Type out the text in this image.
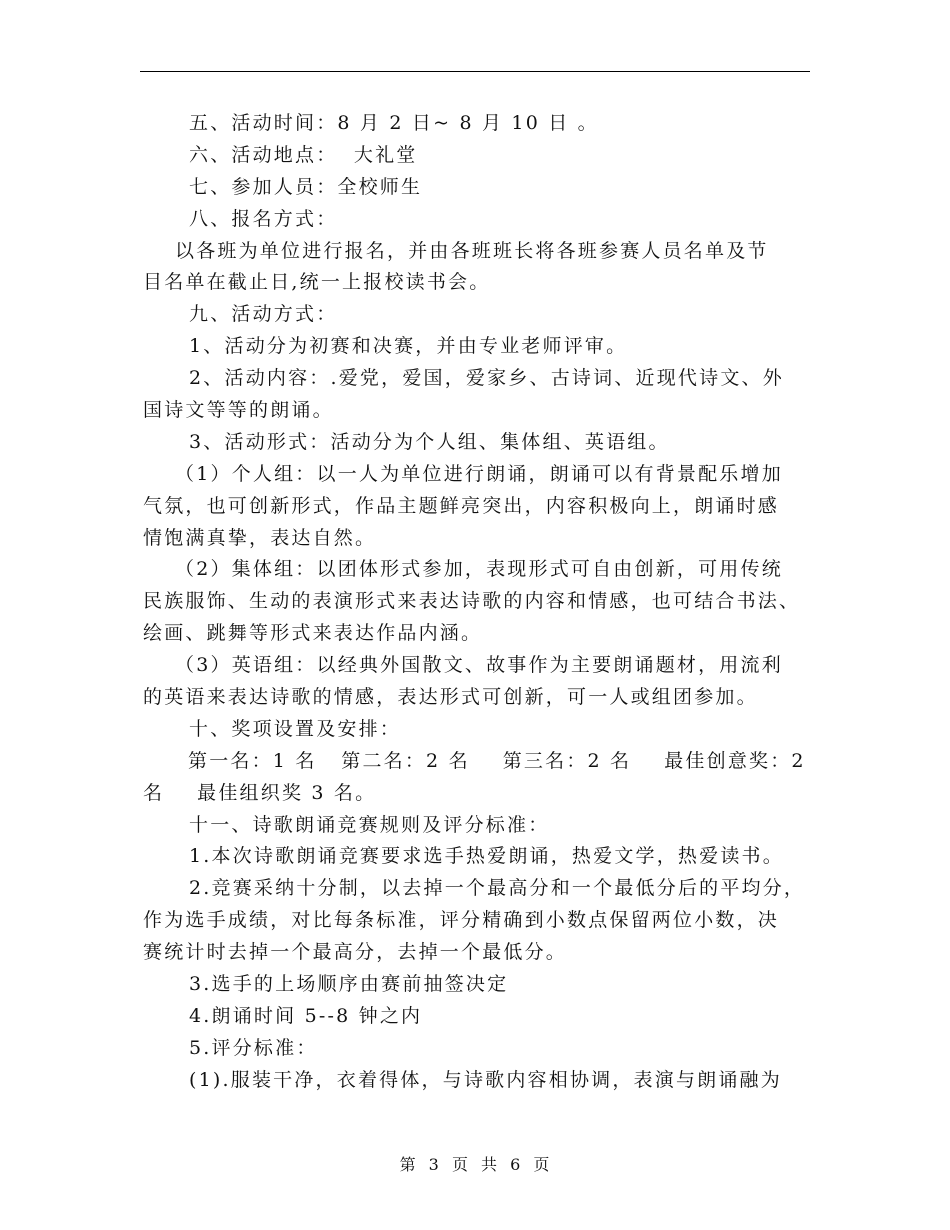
五、活动时间：8 月 2 日~ 8 月 10 日 。
六、活动地点：  大礼堂
七、参加人员：全校师生
八、报名方式：
以各班为单位进行报名，并由各班班长将各班参赛人员名单及节
目名单在截止日,统一上报校读书会。
九、活动方式：
1、活动分为初赛和决赛，并由专业老师评审。
2、活动内容：.爱党，爱国，爱家乡、古诗词、近现代诗文、外
国诗文等等的朗诵。
3、活动形式：活动分为个人组、集体组、英语组。
（1）个人组：以一人为单位进行朗诵，朗诵可以有背景配乐增加
气氛，也可创新形式，作品主题鲜亮突出，内容积极向上，朗诵时感
情饱满真挚，表达自然。
（2）集体组：以团体形式参加，表现形式可自由创新，可用传统
民族服饰、生动的表演形式来表达诗歌的内容和情感，也可结合书法、
绘画、跳舞等形式来表达作品内涵。
（3）英语组：以经典外国散文、故事作为主要朗诵题材，用流利
的英语来表达诗歌的情感，表达形式可创新，可一人或组团参加。
十、奖项设置及安排：
第一名：1 名   第二名：2 名    第三名：2 名    最佳创意奖：2
名    最佳组织奖 3 名。
十一、诗歌朗诵竞赛规则及评分标准：
1.本次诗歌朗诵竞赛要求选手热爱朗诵，热爱文学，热爱读书。
2.竞赛采纳十分制，以去掉一个最高分和一个最低分后的平均分，
作为选手成绩，对比每条标准，评分精确到小数点保留两位小数，决
赛统计时去掉一个最高分，去掉一个最低分。
3.选手的上场顺序由赛前抽签决定
4.朗诵时间 5--8 钟之内
5.评分标准：
(1).服装干净，衣着得体，与诗歌内容相协调，表演与朗诵融为
第 3 页 共 6 页
